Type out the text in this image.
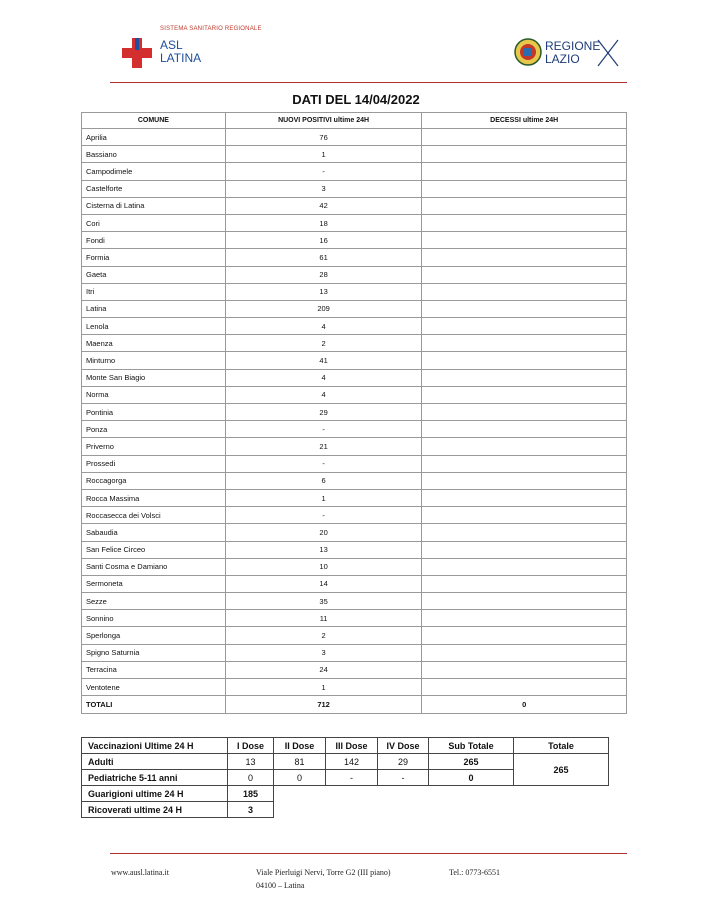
SISTEMA SANITARIO REGIONALE
ASL
LATINA
REGIONE
LAZIO
DATI DEL 14/04/2022
COMUNE	NUOVI POSITIVI ultime 24H	DECESSI ultime 24H
Aprilia	76	
Bassiano	1	
Campodimele	-	
Castelforte	3	
Cisterna di Latina	42	
Cori	18	
Fondi	16	
Formia	61	
Gaeta	28	
Itri	13	
Latina	209	
Lenola	4	
Maenza	2	
Minturno	41	
Monte San Biagio	4	
Norma	4	
Pontinia	29	
Ponza	-	
Priverno	21	
Prossedi	-	
Roccagorga	6	
Rocca Massima	1	
Roccasecca dei Volsci	-	
Sabaudia	20	
San Felice Circeo	13	
Santi Cosma e Damiano	10	
Sermoneta	14	
Sezze	35	
Sonnino	11	
Sperlonga	2	
Spigno Saturnia	3	
Terracina	24	
Ventotene	1	
TOTALI	712	0
Vaccinazioni Ultime 24 H	I Dose	II Dose	III Dose	IV Dose	Sub Totale	Totale
Adulti	13	81	142	29	265	265
Pediatriche 5-11 anni	0	0	-	-	0	
Guarigioni ultime 24 H	185					
Ricoverati ultime 24 H	3					
www.ausl.latina.it	Viale Pierluigi Nervi, Torre G2 (III piano)
04100 – Latina
Tel.: 0773-6551
